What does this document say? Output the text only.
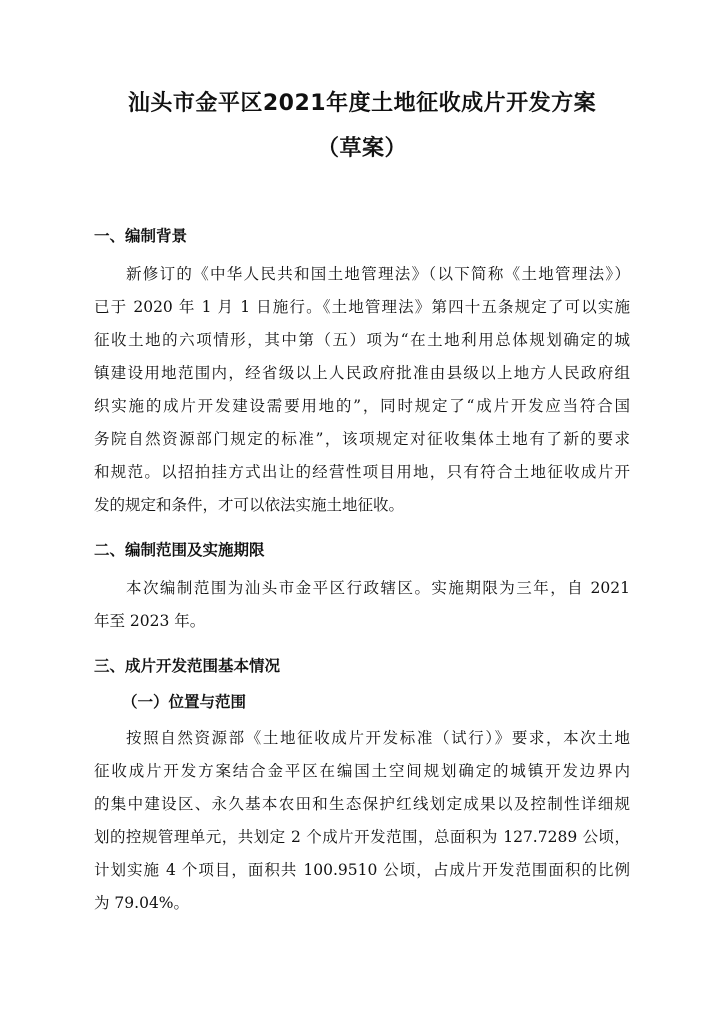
汕头市金平区2021年度土地征收成片开发方案
（草案）
一、编制背景
新修订的《中华人民共和国土地管理法》（以下简称《土地管理法》）
已于 2020 年 1 月 1 日施行。《土地管理法》第四十五条规定了可以实施
征收土地的六项情形，其中第（五）项为“在土地利用总体规划确定的城
镇建设用地范围内，经省级以上人民政府批准由县级以上地方人民政府组
织实施的成片开发建设需要用地的”，同时规定了“成片开发应当符合国
务院自然资源部门规定的标准”，该项规定对征收集体土地有了新的要求
和规范。以招拍挂方式出让的经营性项目用地，只有符合土地征收成片开
发的规定和条件，才可以依法实施土地征收。
二、编制范围及实施期限
本次编制范围为汕头市金平区行政辖区。实施期限为三年，自 2021
年至 2023 年。
三、成片开发范围基本情况
（一）位置与范围
按照自然资源部《土地征收成片开发标准（试行）》要求，本次土地
征收成片开发方案结合金平区在编国土空间规划确定的城镇开发边界内
的集中建设区、永久基本农田和生态保护红线划定成果以及控制性详细规
划的控规管理单元，共划定 2 个成片开发范围，总面积为 127.7289 公顷，
计划实施 4 个项目，面积共 100.9510 公顷，占成片开发范围面积的比例
为 79.04%。
